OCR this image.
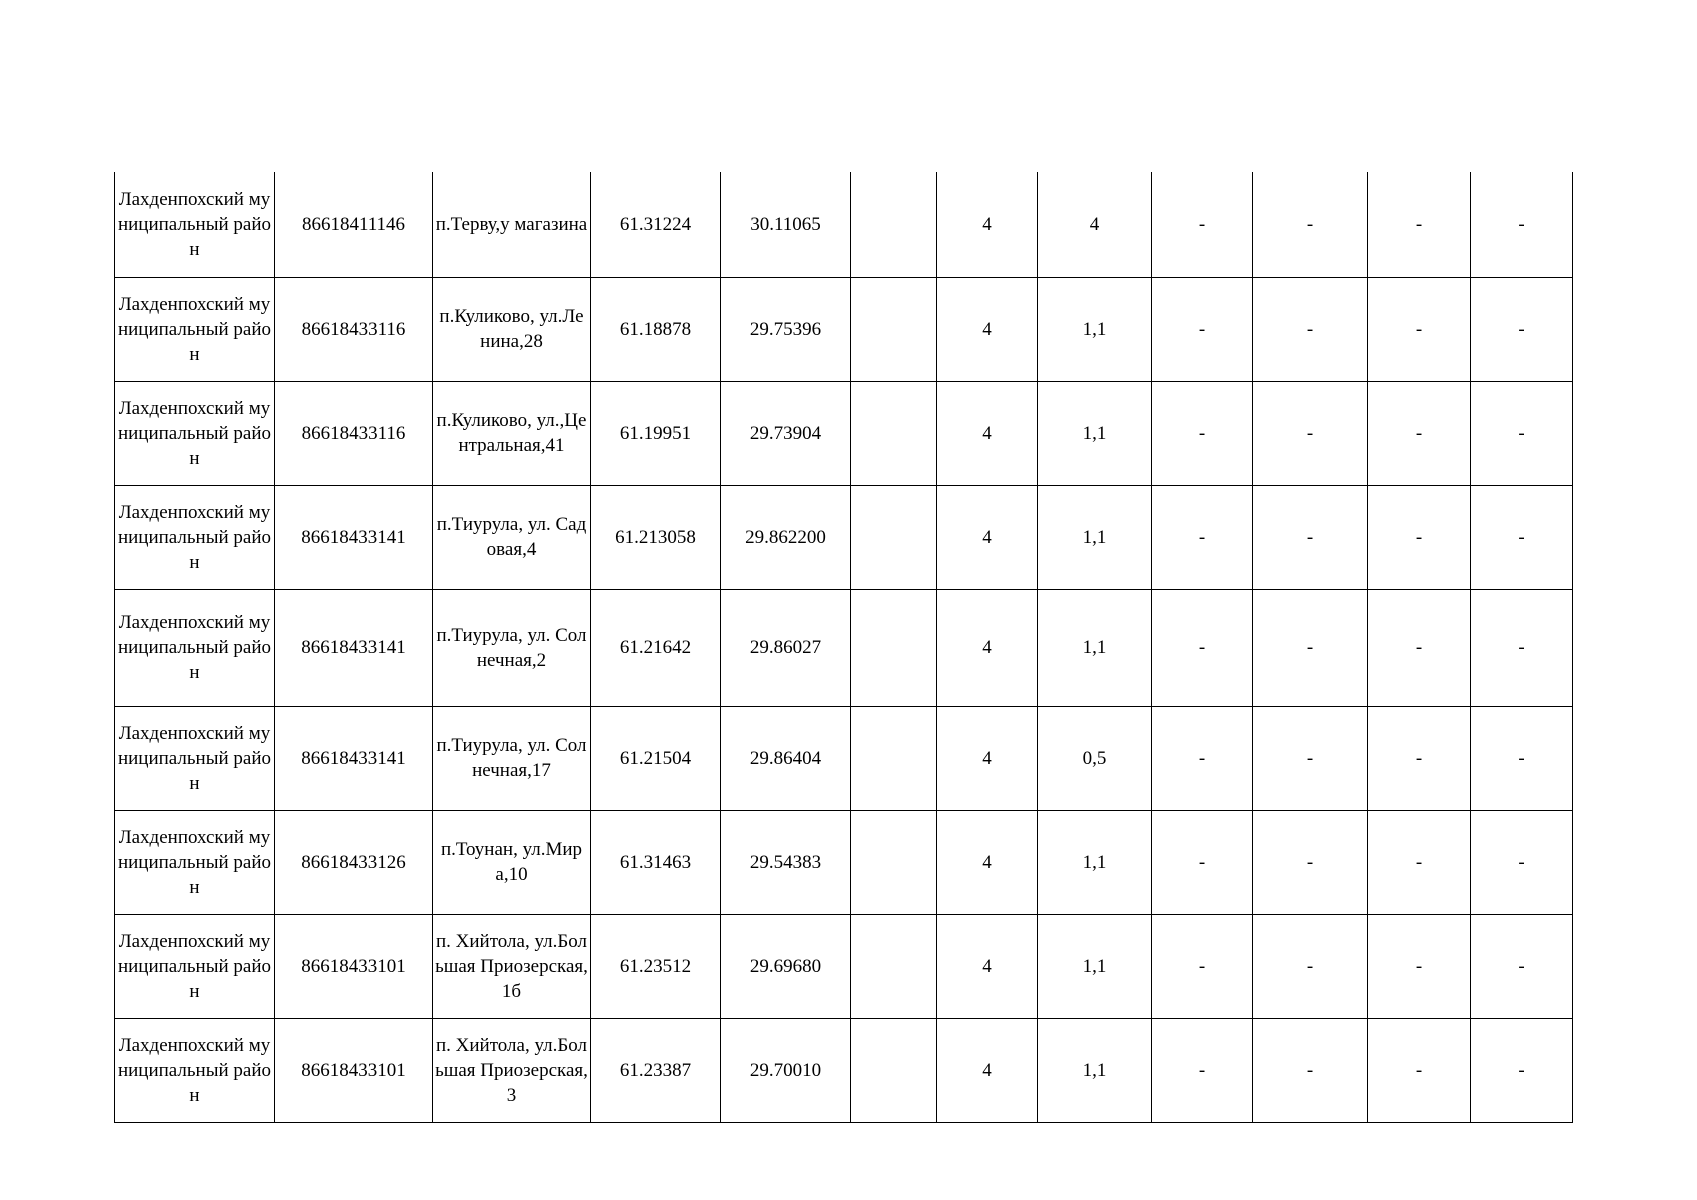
Лахденпохский муниципальный район	86618411146	п.Терву,у магазина	61.31224	30.11065		4	4	-	-	-	-
Лахденпохский муниципальный район	86618433116	п.Куликово, ул.Ленина,28	61.18878	29.75396		4	1,1	-	-	-	-
Лахденпохский муниципальный район	86618433116	п.Куликово, ул.,Центральная,41	61.19951	29.73904		4	1,1	-	-	-	-
Лахденпохский муниципальный район	86618433141	п.Тиурула, ул. Садовая,4	61.213058	29.862200		4	1,1	-	-	-	-
Лахденпохский муниципальный район	86618433141	п.Тиурула, ул. Солнечная,2	61.21642	29.86027		4	1,1	-	-	-	-
Лахденпохский муниципальный район	86618433141	п.Тиурула, ул. Солнечная,17	61.21504	29.86404		4	0,5	-	-	-	-
Лахденпохский муниципальный район	86618433126	п.Тоунан, ул.Мира,10	61.31463	29.54383		4	1,1	-	-	-	-
Лахденпохский муниципальный район	86618433101	п. Хийтола, ул.Большая Приозерская, 1б	61.23512	29.69680		4	1,1	-	-	-	-
Лахденпохский муниципальный район	86618433101	п. Хийтола, ул.Большая Приозерская, 3	61.23387	29.70010		4	1,1	-	-	-	-
